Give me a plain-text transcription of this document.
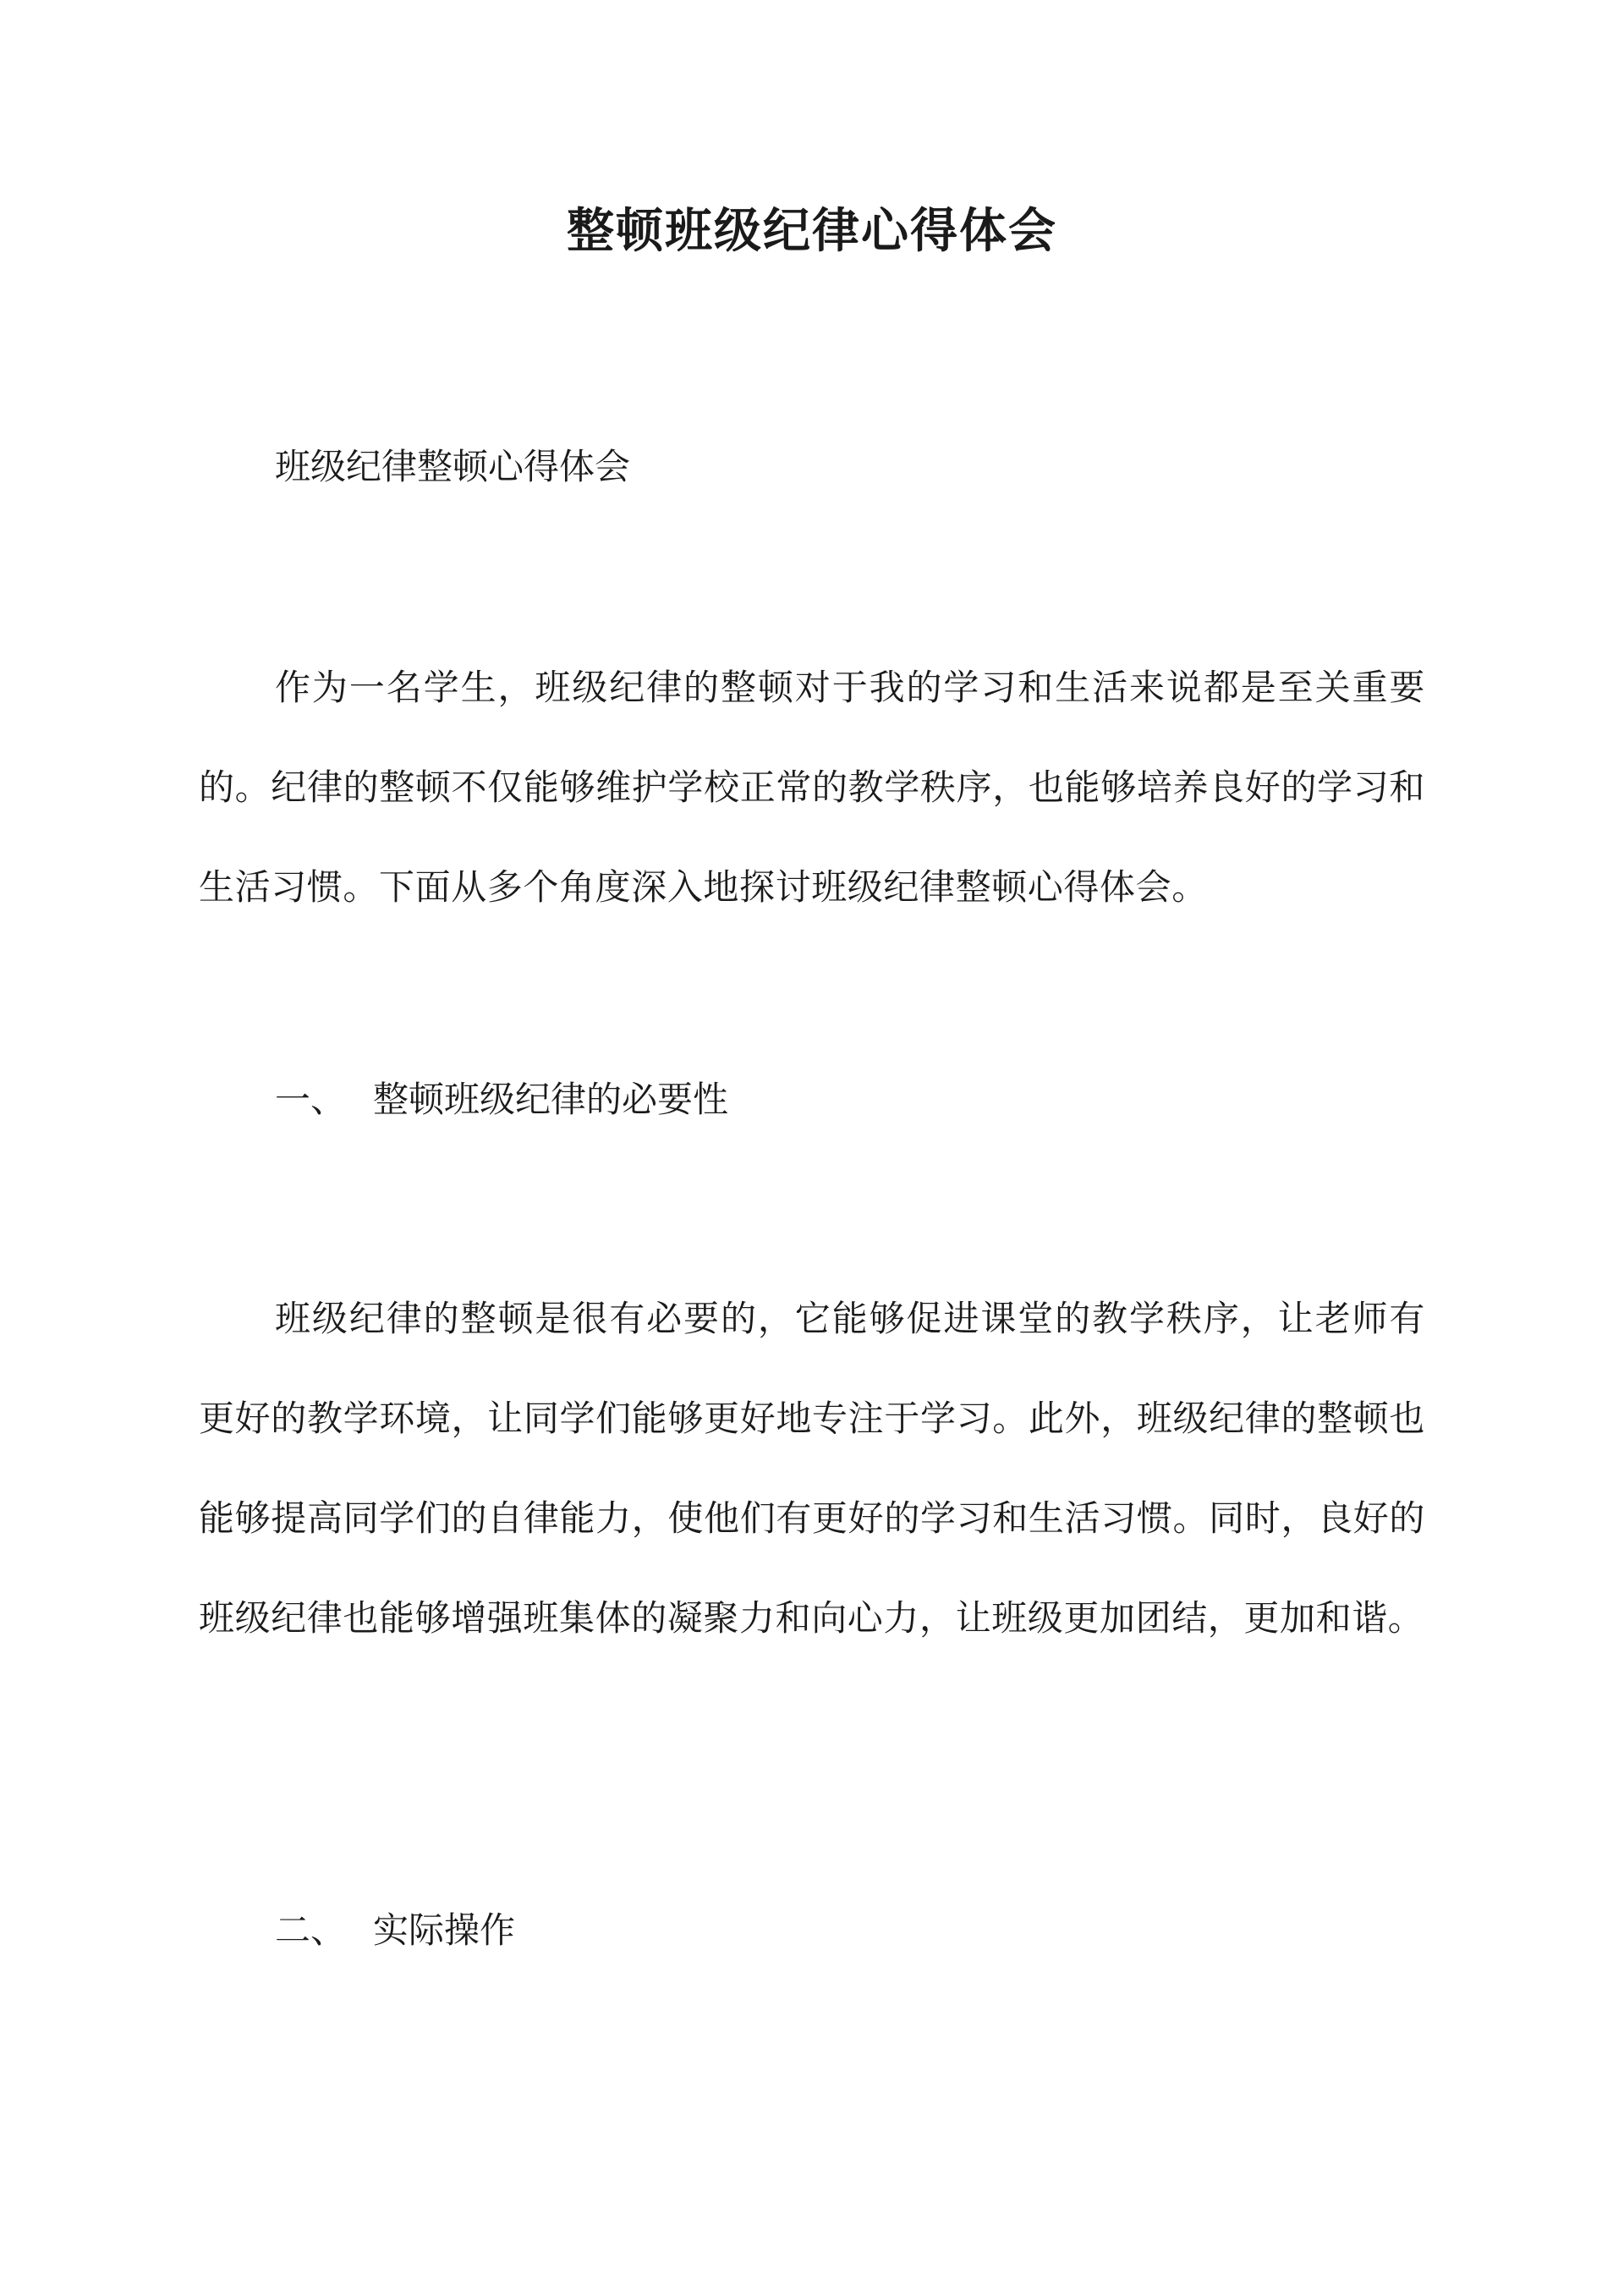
整顿班级纪律心得体会

班级纪律整顿心得体会

作为一名学生，班级纪律的整顿对于我的学习和生活来说都是至关重要的。纪律的整顿不仅能够维护学校正常的教学秩序，也能够培养良好的学习和生活习惯。下面从多个角度深入地探讨班级纪律整顿心得体会。

一、 整顿班级纪律的必要性

班级纪律的整顿是很有必要的，它能够促进课堂的教学秩序，让老师有更好的教学环境，让同学们能够更好地专注于学习。此外，班级纪律的整顿也能够提高同学们的自律能力，使他们有更好的学习和生活习惯。同时，良好的班级纪律也能够增强班集体的凝聚力和向心力，让班级更加团结，更加和谐。

二、 实际操作
